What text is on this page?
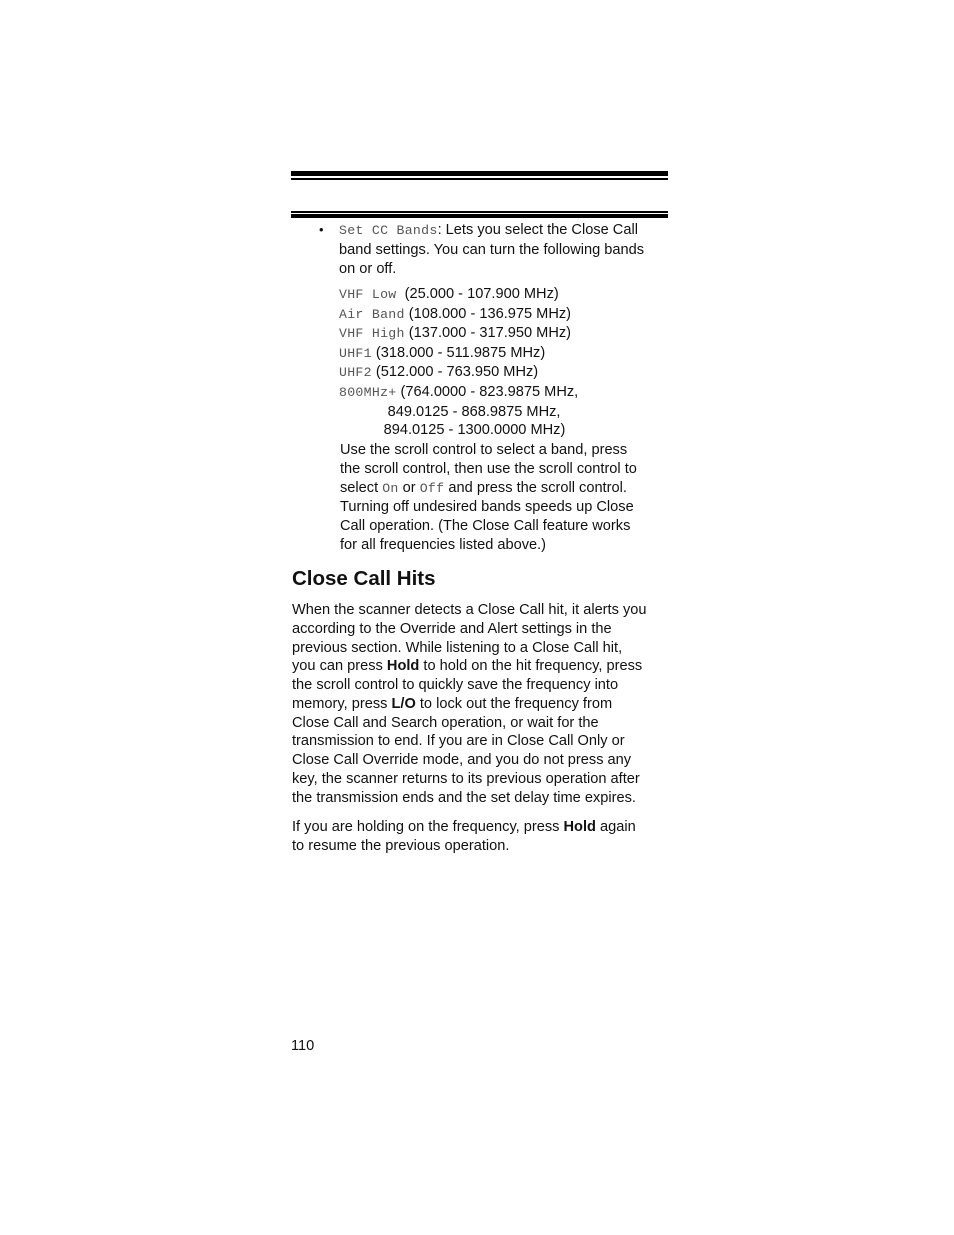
• Set CC Bands: Lets you select the Close Call
band settings. You can turn the following bands
on or off.
VHF Low  (25.000 - 107.900 MHz)
Air Band (108.000 - 136.975 MHz)
VHF High (137.000 - 317.950 MHz)
UHF1 (318.000 - 511.9875 MHz)
UHF2 (512.000 - 763.950 MHz)
800MHz+ (764.0000 - 823.9875 MHz,
849.0125 - 868.9875 MHz,
894.0125 - 1300.0000 MHz)
Use the scroll control to select a band, press
the scroll control, then use the scroll control to
select On or Off and press the scroll control.
Turning off undesired bands speeds up Close
Call operation. (The Close Call feature works
for all frequencies listed above.)
Close Call Hits
When the scanner detects a Close Call hit, it alerts you
according to the Override and Alert settings in the
previous section. While listening to a Close Call hit,
you can press Hold to hold on the hit frequency, press
the scroll control to quickly save the frequency into
memory, press L/O to lock out the frequency from
Close Call and Search operation, or wait for the
transmission to end. If you are in Close Call Only or
Close Call Override mode, and you do not press any
key, the scanner returns to its previous operation after
the transmission ends and the set delay time expires.
If you are holding on the frequency, press Hold again
to resume the previous operation.
110
